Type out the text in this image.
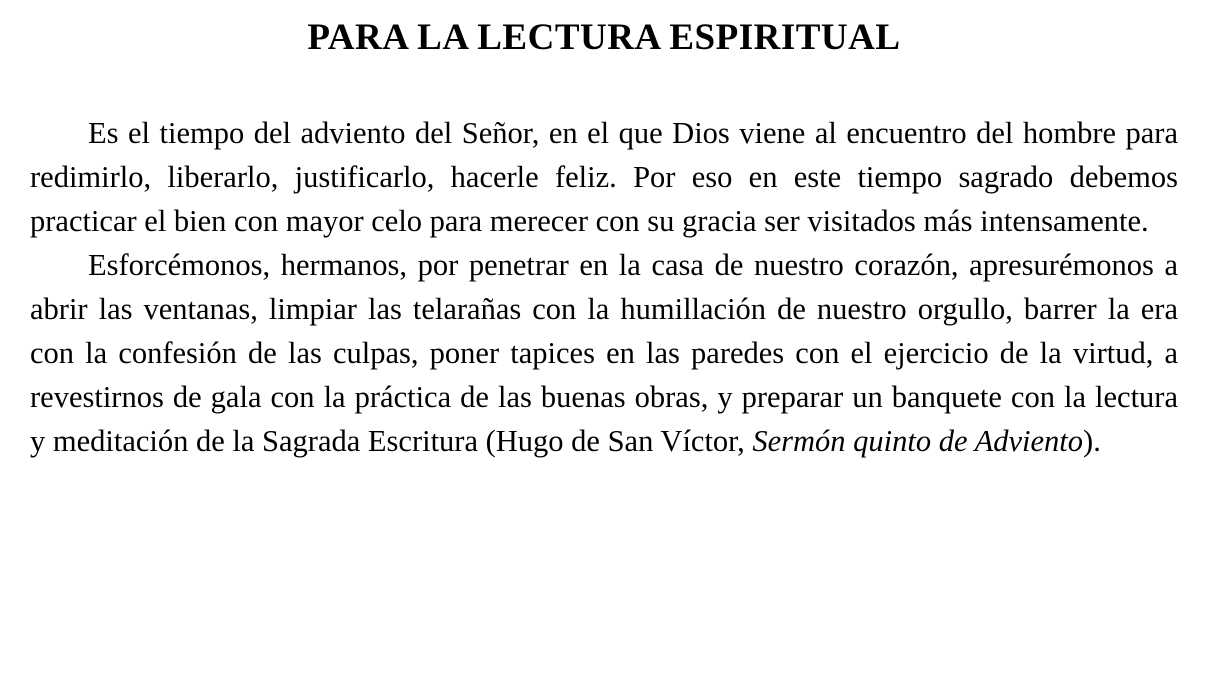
PARA LA LECTURA ESPIRITUAL

Es el tiempo del adviento del Señor, en el que Dios viene al encuentro del hombre para redimirlo, liberarlo, justificarlo, hacerle feliz. Por eso en este tiempo sagrado debemos practicar el bien con mayor celo para merecer con su gracia ser visitados más intensamente.

Esforcémonos, hermanos, por penetrar en la casa de nuestro corazón, apresurémonos a abrir las ventanas, limpiar las telarañas con la humillación de nuestro orgullo, barrer la era con la confesión de las culpas, poner tapices en las paredes con el ejercicio de la virtud, a revestirnos de gala con la práctica de las buenas obras, y preparar un banquete con la lectura y meditación de la Sagrada Escritura (Hugo de San Víctor, Sermón quinto de Adviento).
